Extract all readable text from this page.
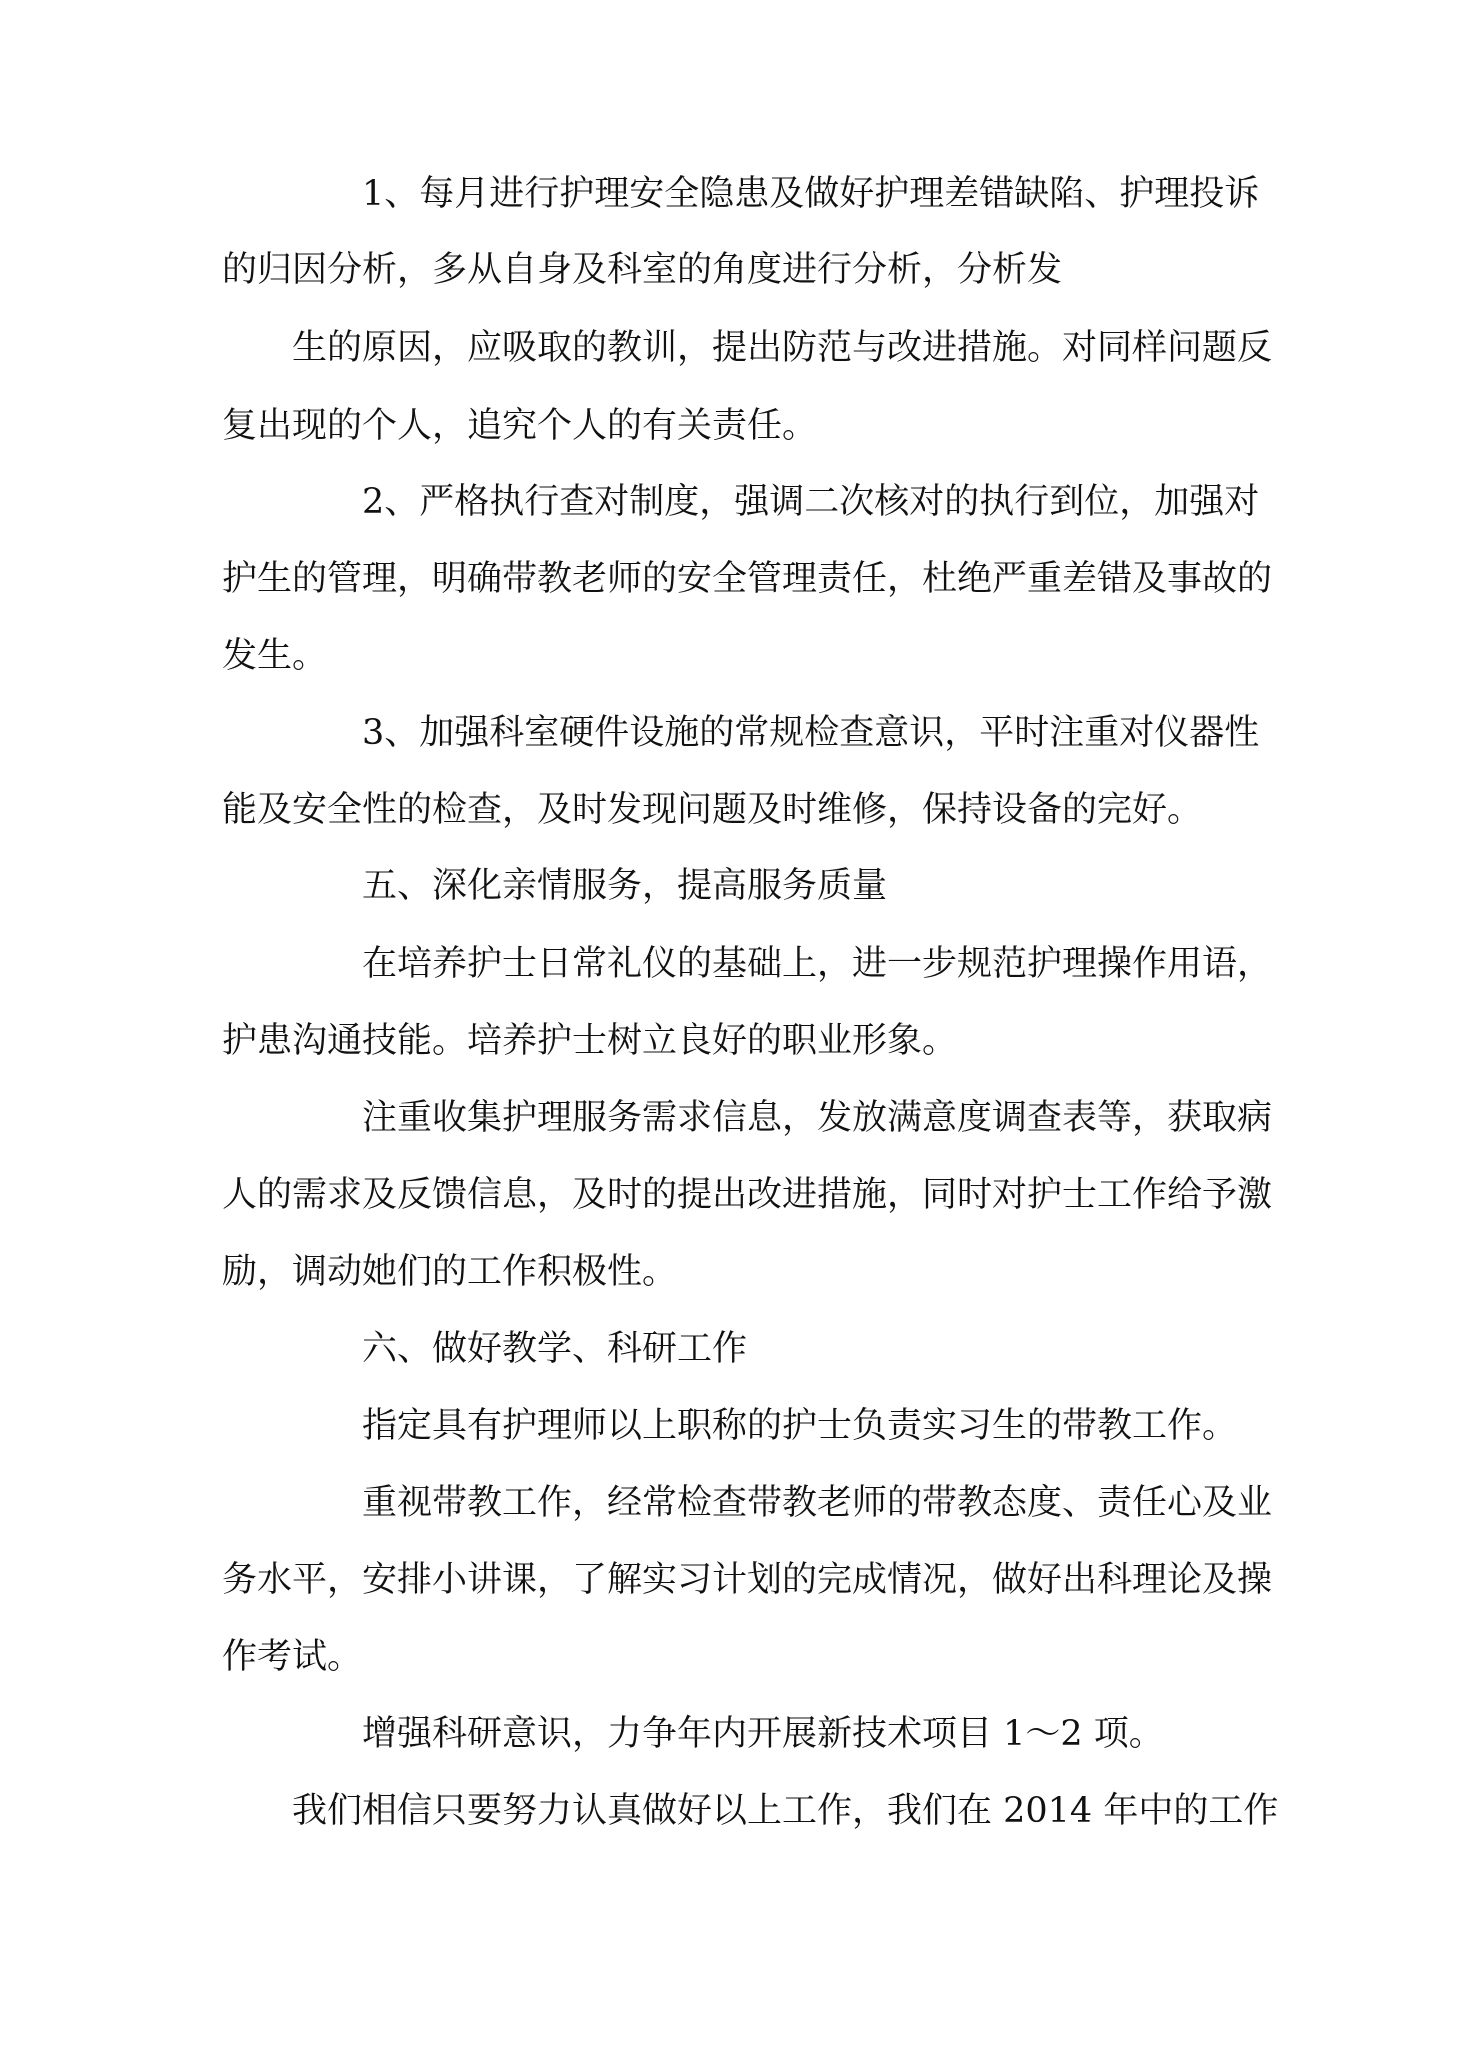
1、每月进行护理安全隐患及做好护理差错缺陷、护理投诉
的归因分析，多从自身及科室的角度进行分析，分析发
生的原因，应吸取的教训，提出防范与改进措施。对同样问题反
复出现的个人，追究个人的有关责任。
2、严格执行查对制度，强调二次核对的执行到位，加强对
护生的管理，明确带教老师的安全管理责任，杜绝严重差错及事故的
发生。
3、加强科室硬件设施的常规检查意识，平时注重对仪器性
能及安全性的检查，及时发现问题及时维修，保持设备的完好。
五、深化亲情服务，提高服务质量
在培养护士日常礼仪的基础上，进一步规范护理操作用语，
护患沟通技能。培养护士树立良好的职业形象。
注重收集护理服务需求信息，发放满意度调查表等，获取病
人的需求及反馈信息，及时的提出改进措施，同时对护士工作给予激
励，调动她们的工作积极性。
六、做好教学、科研工作
指定具有护理师以上职称的护士负责实习生的带教工作。
重视带教工作，经常检查带教老师的带教态度、责任心及业
务水平，安排小讲课，了解实习计划的完成情况，做好出科理论及操
作考试。
增强科研意识，力争年内开展新技术项目 1～2 项。
我们相信只要努力认真做好以上工作，我们在 2014 年中的工作
